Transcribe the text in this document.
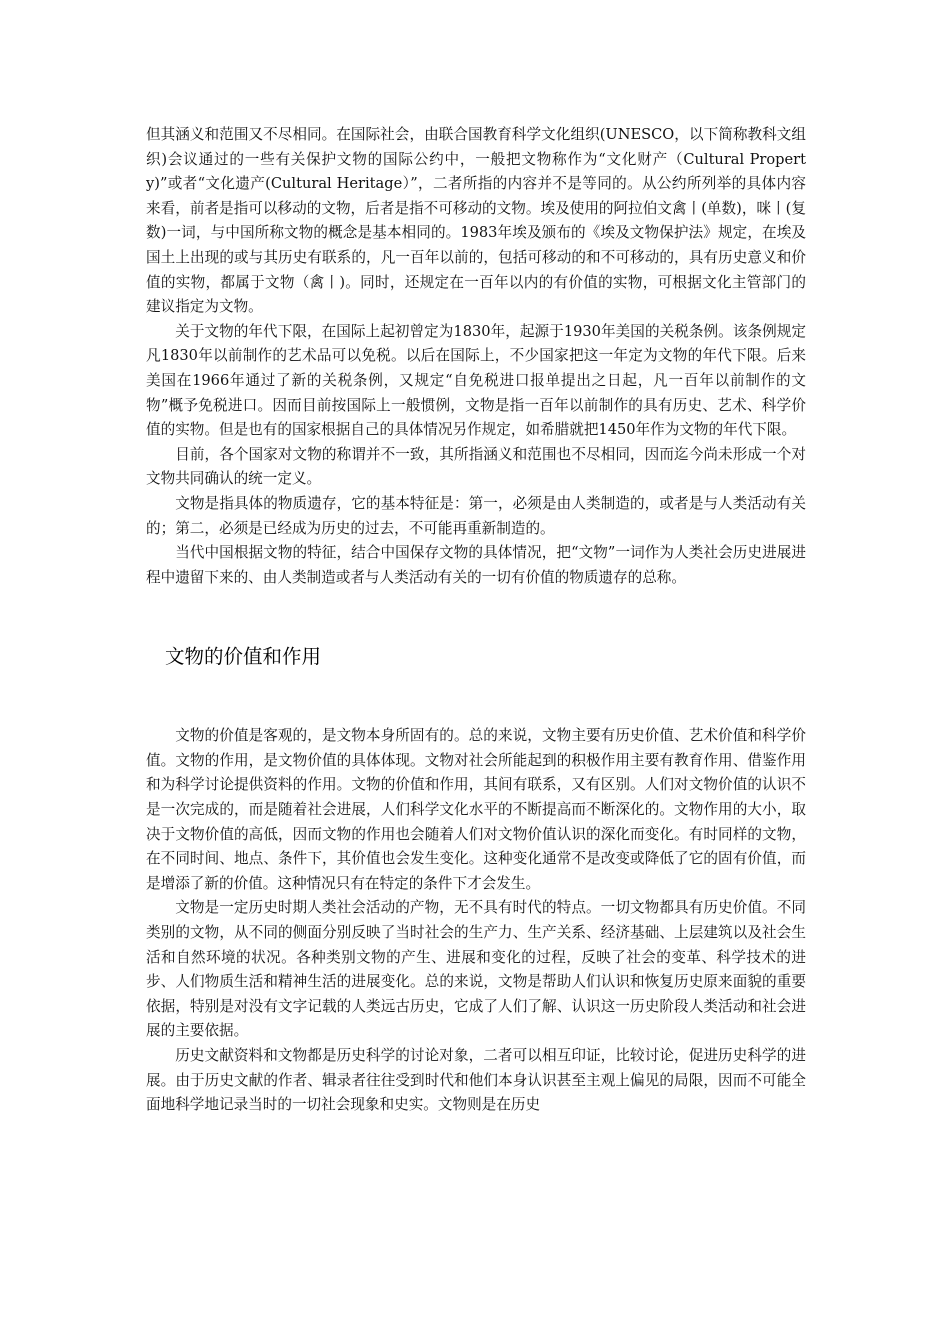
但其涵义和范围又不尽相同。在国际社会，由联合国教育科学文化组织(UNESCO，以下简称教科文组织)会议通过的一些有关保护文物的国际公约中，一般把文物称作为“文化财产（Cultural Property)”或者“文化遗产(Cultural Heritage）”，二者所指的内容并不是等同的。从公约所列举的具体内容来看，前者是指可以移动的文物，后者是指不可移动的文物。埃及使用的阿拉伯文禽丨(单数)，咪丨(复数)一词，与中国所称文物的概念是基本相同的。1983年埃及颁布的《埃及文物保护法》规定，在埃及国土上出现的或与其历史有联系的，凡一百年以前的，包括可移动的和不可移动的，具有历史意义和价值的实物，都属于文物（禽丨)。同时，还规定在一百年以内的有价值的实物，可根据文化主管部门的建议指定为文物。

关于文物的年代下限，在国际上起初曾定为1830年，起源于1930年美国的关税条例。该条例规定凡1830年以前制作的艺术品可以免税。以后在国际上，不少国家把这一年定为文物的年代下限。后来美国在1966年通过了新的关税条例，又规定“自免税进口报单提出之日起，凡一百年以前制作的文物”概予免税进口。因而目前按国际上一般惯例，文物是指一百年以前制作的具有历史、艺术、科学价值的实物。但是也有的国家根据自己的具体情况另作规定，如希腊就把1450年作为文物的年代下限。

目前，各个国家对文物的称谓并不一致，其所指涵义和范围也不尽相同，因而迄今尚未形成一个对文物共同确认的统一定义。

文物是指具体的物质遗存，它的基本特征是：第一，必须是由人类制造的，或者是与人类活动有关的；第二，必须是已经成为历史的过去，不可能再重新制造的。

当代中国根据文物的特征，结合中国保存文物的具体情况，把“文物”一词作为人类社会历史进展进程中遗留下来的、由人类制造或者与人类活动有关的一切有价值的物质遗存的总称。

文物的价值和作用

文物的价值是客观的，是文物本身所固有的。总的来说，文物主要有历史价值、艺术价值和科学价值。文物的作用，是文物价值的具体体现。文物对社会所能起到的积极作用主要有教育作用、借鉴作用和为科学讨论提供资料的作用。文物的价值和作用，其间有联系，又有区别。人们对文物价值的认识不是一次完成的，而是随着社会进展，人们科学文化水平的不断提高而不断深化的。文物作用的大小，取决于文物价值的高低，因而文物的作用也会随着人们对文物价值认识的深化而变化。有时同样的文物，在不同时间、地点、条件下，其价值也会发生变化。这种变化通常不是改变或降低了它的固有价值，而是增添了新的价值。这种情况只有在特定的条件下才会发生。

文物是一定历史时期人类社会活动的产物，无不具有时代的特点。一切文物都具有历史价值。不同类别的文物，从不同的侧面分别反映了当时社会的生产力、生产关系、经济基础、上层建筑以及社会生活和自然环境的状况。各种类别文物的产生、进展和变化的过程，反映了社会的变革、科学技术的进步、人们物质生活和精神生活的进展变化。总的来说，文物是帮助人们认识和恢复历史原来面貌的重要依据，特别是对没有文字记载的人类远古历史，它成了人们了解、认识这一历史阶段人类活动和社会进展的主要依据。

历史文献资料和文物都是历史科学的讨论对象，二者可以相互印证，比较讨论，促进历史科学的进展。由于历史文献的作者、辑录者往往受到时代和他们本身认识甚至主观上偏见的局限，因而不可能全面地科学地记录当时的一切社会现象和史实。文物则是在历史
